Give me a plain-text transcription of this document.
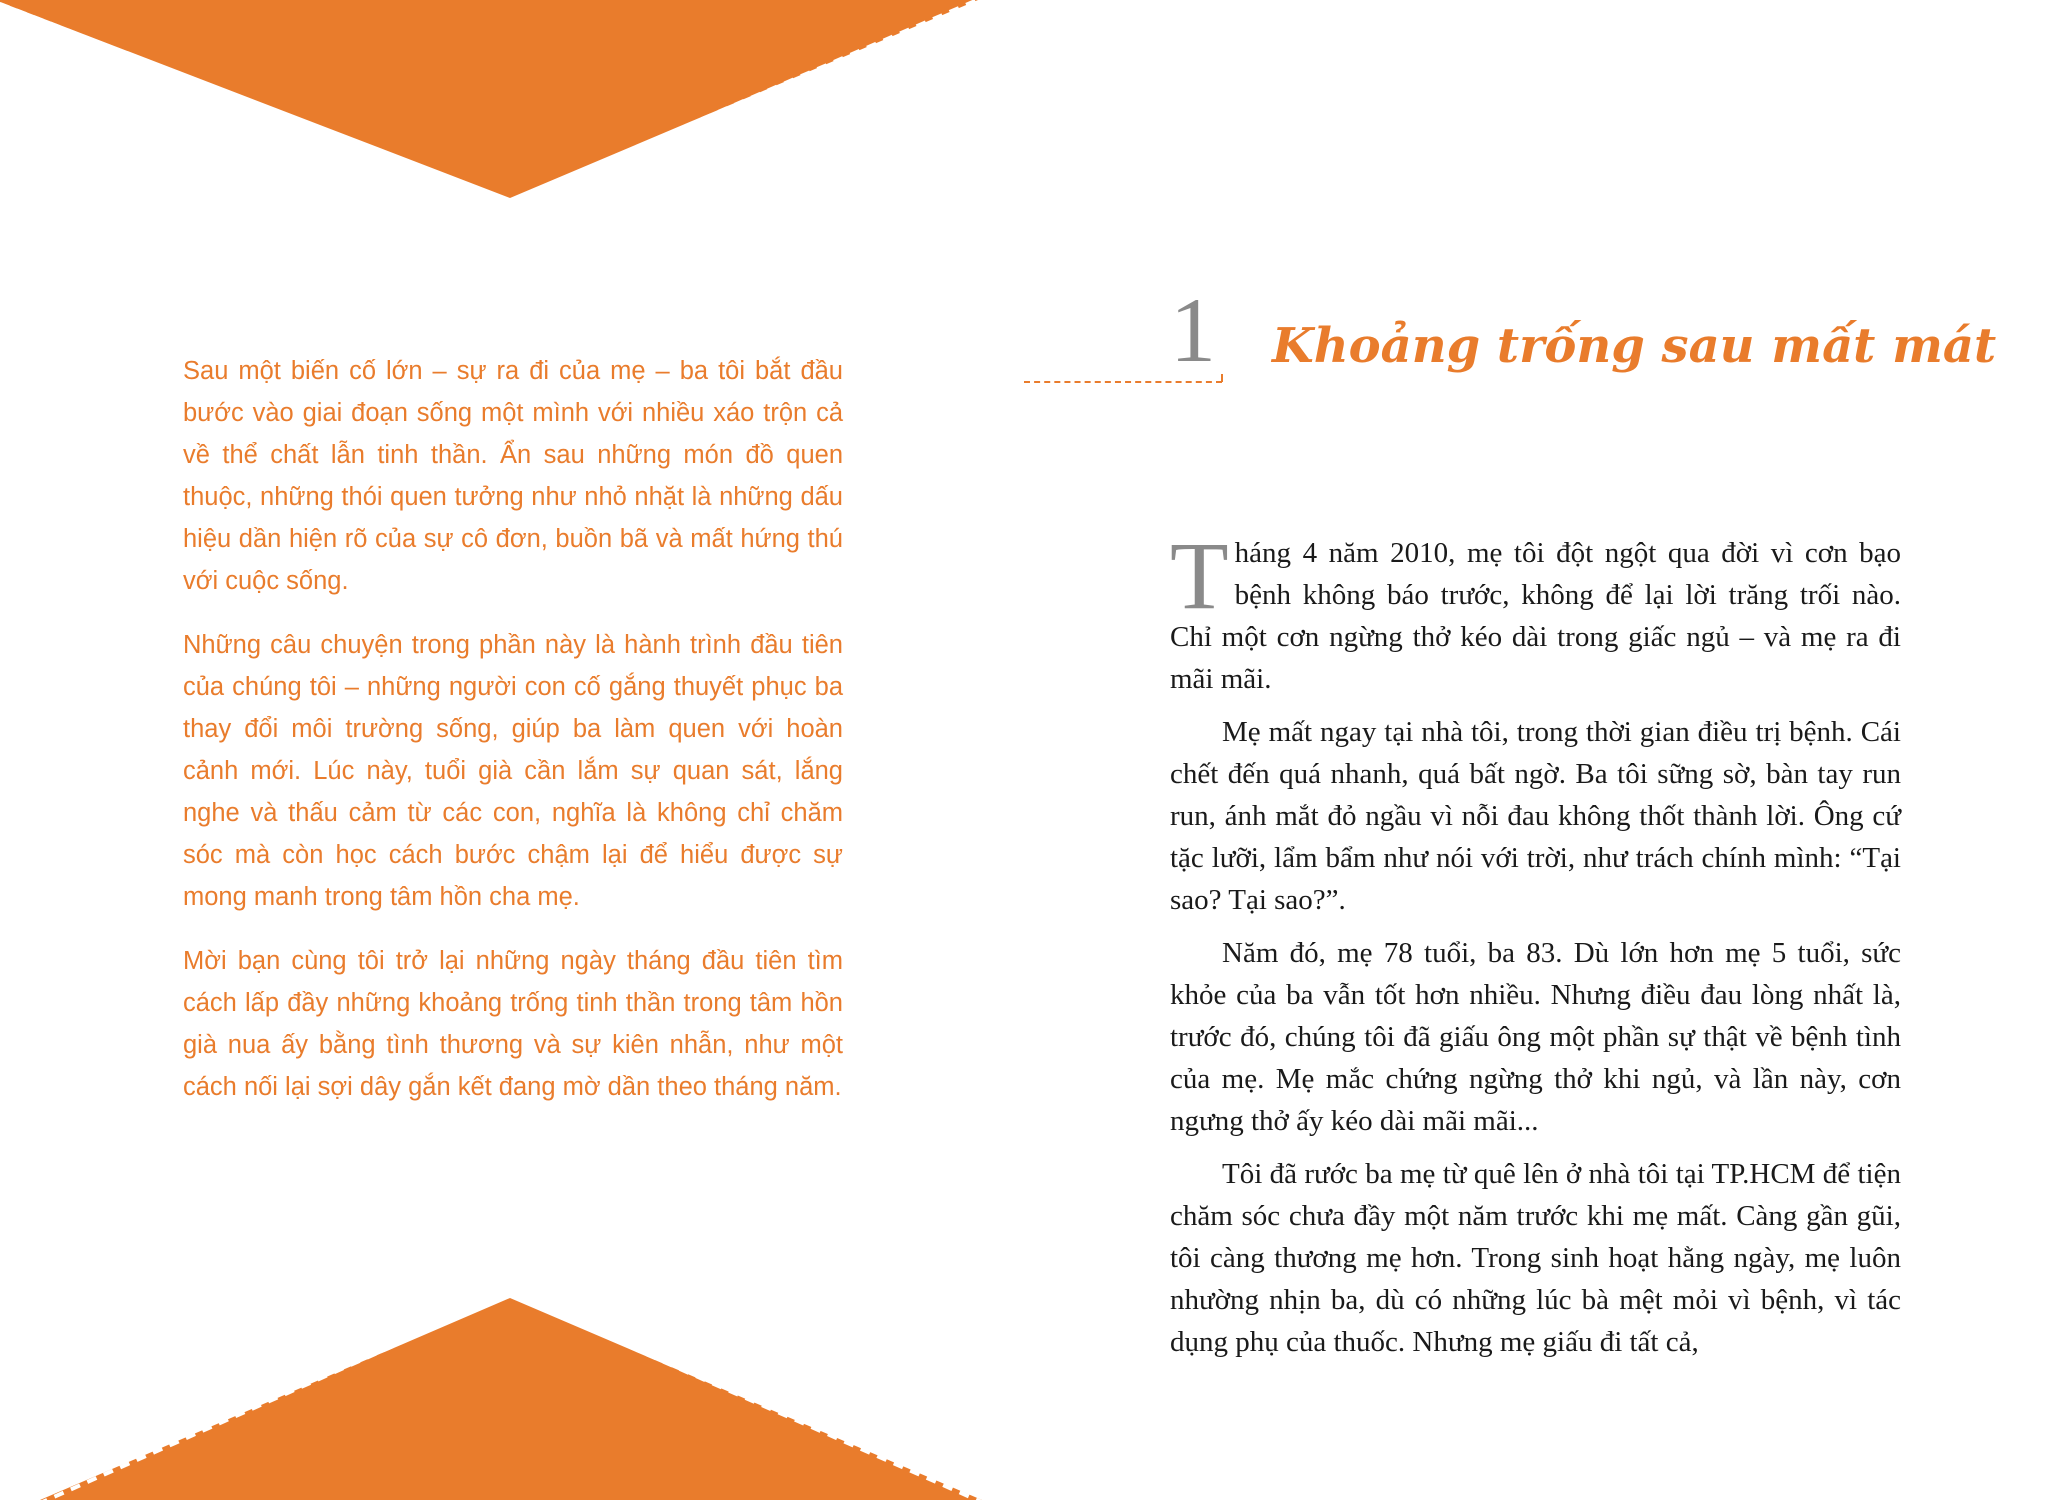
Sau một biến cố lớn – sự ra đi của mẹ – ba tôi bắt đầu bước vào giai đoạn sống một mình với nhiều xáo trộn cả về thể chất lẫn tinh thần. Ẩn sau những món đồ quen thuộc, những thói quen tưởng như nhỏ nhặt là những dấu hiệu dần hiện rõ của sự cô đơn, buồn bã và mất hứng thú với cuộc sống.

Những câu chuyện trong phần này là hành trình đầu tiên của chúng tôi – những người con cố gắng thuyết phục ba thay đổi môi trường sống, giúp ba làm quen với hoàn cảnh mới. Lúc này, tuổi già cần lắm sự quan sát, lắng nghe và thấu cảm từ các con, nghĩa là không chỉ chăm sóc mà còn học cách bước chậm lại để hiểu được sự mong manh trong tâm hồn cha mẹ.

Mời bạn cùng tôi trở lại những ngày tháng đầu tiên tìm cách lấp đầy những khoảng trống tinh thần trong tâm hồn già nua ấy bằng tình thương và sự kiên nhẫn, như một cách nối lại sợi dây gắn kết đang mờ dần theo tháng năm.

1 Khoảng trống sau mất mát

Tháng 4 năm 2010, mẹ tôi đột ngột qua đời vì cơn bạo bệnh không báo trước, không để lại lời trăng trối nào. Chỉ một cơn ngừng thở kéo dài trong giấc ngủ – và mẹ ra đi mãi mãi.

Mẹ mất ngay tại nhà tôi, trong thời gian điều trị bệnh. Cái chết đến quá nhanh, quá bất ngờ. Ba tôi sững sờ, bàn tay run run, ánh mắt đỏ ngầu vì nỗi đau không thốt thành lời. Ông cứ tặc lưỡi, lẩm bẩm như nói với trời, như trách chính mình: “Tại sao? Tại sao?”.

Năm đó, mẹ 78 tuổi, ba 83. Dù lớn hơn mẹ 5 tuổi, sức khỏe của ba vẫn tốt hơn nhiều. Nhưng điều đau lòng nhất là, trước đó, chúng tôi đã giấu ông một phần sự thật về bệnh tình của mẹ. Mẹ mắc chứng ngừng thở khi ngủ, và lần này, cơn ngưng thở ấy kéo dài mãi mãi...

Tôi đã rước ba mẹ từ quê lên ở nhà tôi tại TP.HCM để tiện chăm sóc chưa đầy một năm trước khi mẹ mất. Càng gần gũi, tôi càng thương mẹ hơn. Trong sinh hoạt hằng ngày, mẹ luôn nhường nhịn ba, dù có những lúc bà mệt mỏi vì bệnh, vì tác dụng phụ của thuốc. Nhưng mẹ giấu đi tất cả,
